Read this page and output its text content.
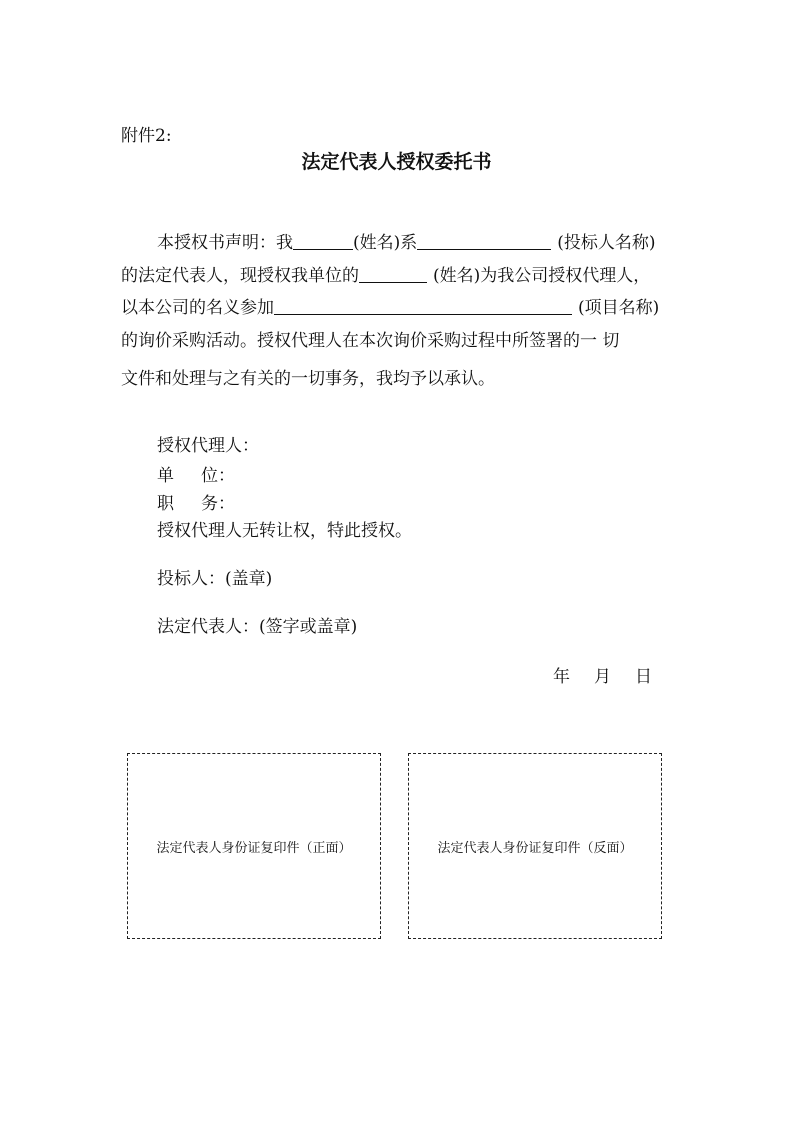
附件2:
法定代表人授权委托书
本授权书声明：我	(姓名)系	(投标人名称)
的法定代表人，现授权我单位的	(姓名)为我公司授权代理人，
以本公司的名义参加	(项目名称)
的询价采购活动。授权代理人在本次询价采购过程中所签署的一 切
文件和处理与之有关的一切事务，我均予以承认。
授权代理人：
单 位：
职 务：
授权代理人无转让权，特此授权。
投标人：(盖章)
法定代表人：(签字或盖章)
年 月 日
法定代表人身份证复印件（正面）	法定代表人身份证复印件（反面）
